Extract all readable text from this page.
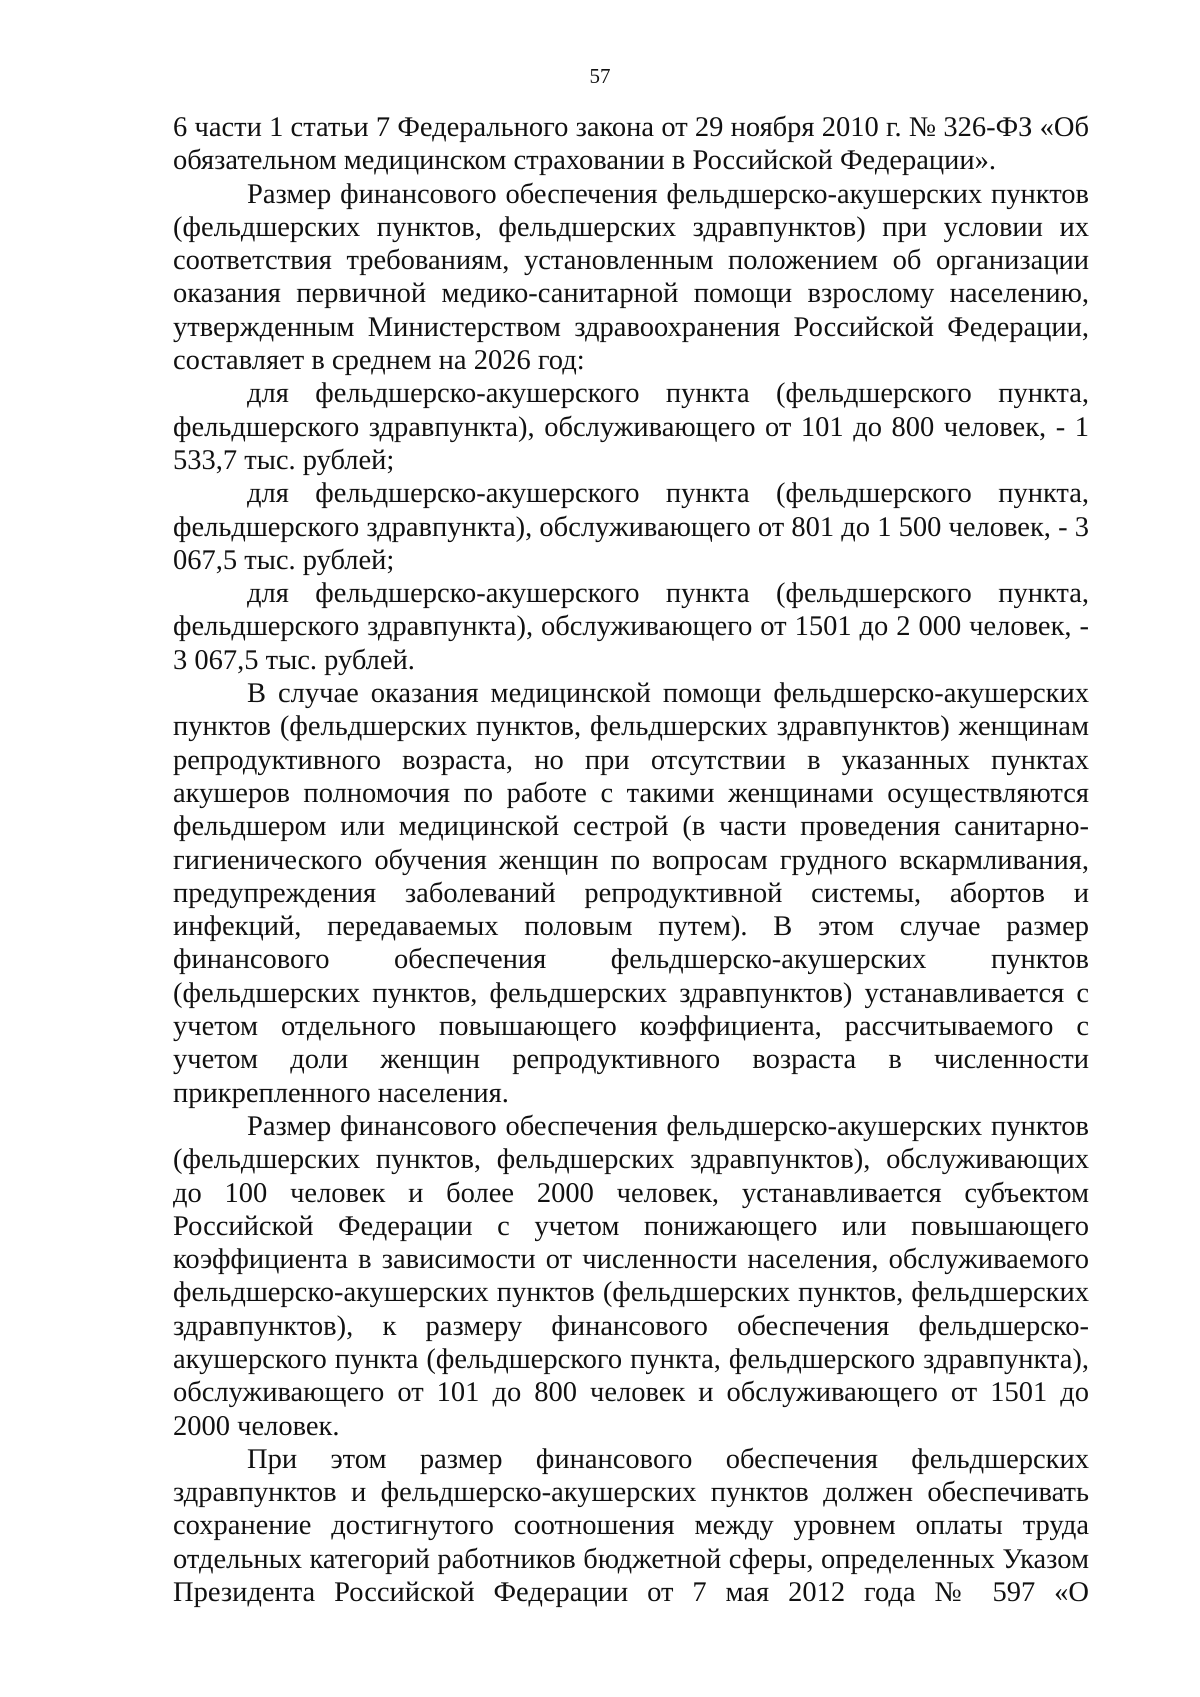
57

6 части 1 статьи 7 Федерального закона от 29 ноября 2010 г. № 326-ФЗ «Об обязательном медицинском страховании в Российской Федерации».

Размер финансового обеспечения фельдшерско-акушерских пунктов (фельдшерских пунктов, фельдшерских здравпунктов) при условии их соответствия требованиям, установленным положением об организации оказания первичной медико-санитарной помощи взрослому населению, утвержденным Министерством здравоохранения Российской Федерации, составляет в среднем на 2026 год:

для фельдшерско-акушерского пункта (фельдшерского пункта, фельдшерского здравпункта), обслуживающего от 101 до 800 человек, - 1 533,7 тыс. рублей;

для фельдшерско-акушерского пункта (фельдшерского пункта, фельдшерского здравпункта), обслуживающего от 801 до 1 500 человек, - 3 067,5 тыс. рублей;

для фельдшерско-акушерского пункта (фельдшерского пункта, фельдшерского здравпункта), обслуживающего от 1501 до 2 000 человек, - 3 067,5 тыс. рублей.

В случае оказания медицинской помощи фельдшерско-акушерских пунктов (фельдшерских пунктов, фельдшерских здравпунктов) женщинам репродуктивного возраста, но при отсутствии в указанных пунктах акушеров полномочия по работе с такими женщинами осуществляются фельдшером или медицинской сестрой (в части проведения санитарно-гигиенического обучения женщин по вопросам грудного вскармливания, предупреждения заболеваний репродуктивной системы, абортов и инфекций, передаваемых половым путем). В этом случае размер финансового обеспечения фельдшерско-акушерских пунктов (фельдшерских пунктов, фельдшерских здравпунктов) устанавливается с учетом отдельного повышающего коэффициента, рассчитываемого с учетом доли женщин репродуктивного возраста в численности прикрепленного населения.

Размер финансового обеспечения фельдшерско-акушерских пунктов (фельдшерских пунктов, фельдшерских здравпунктов), обслуживающих до 100 человек и более 2000 человек, устанавливается субъектом Российской Федерации с учетом понижающего или повышающего коэффициента в зависимости от численности населения, обслуживаемого фельдшерско-акушерских пунктов (фельдшерских пунктов, фельдшерских здравпунктов), к размеру финансового обеспечения фельдшерско-акушерского пункта (фельдшерского пункта, фельдшерского здравпункта), обслуживающего от 101 до 800 человек и обслуживающего от 1501 до 2000 человек.

При этом размер финансового обеспечения фельдшерских здравпунктов и фельдшерско-акушерских пунктов должен обеспечивать сохранение достигнутого соотношения между уровнем оплаты труда отдельных категорий работников бюджетной сферы, определенных Указом Президента Российской Федерации от 7 мая 2012 года № 597 «О
